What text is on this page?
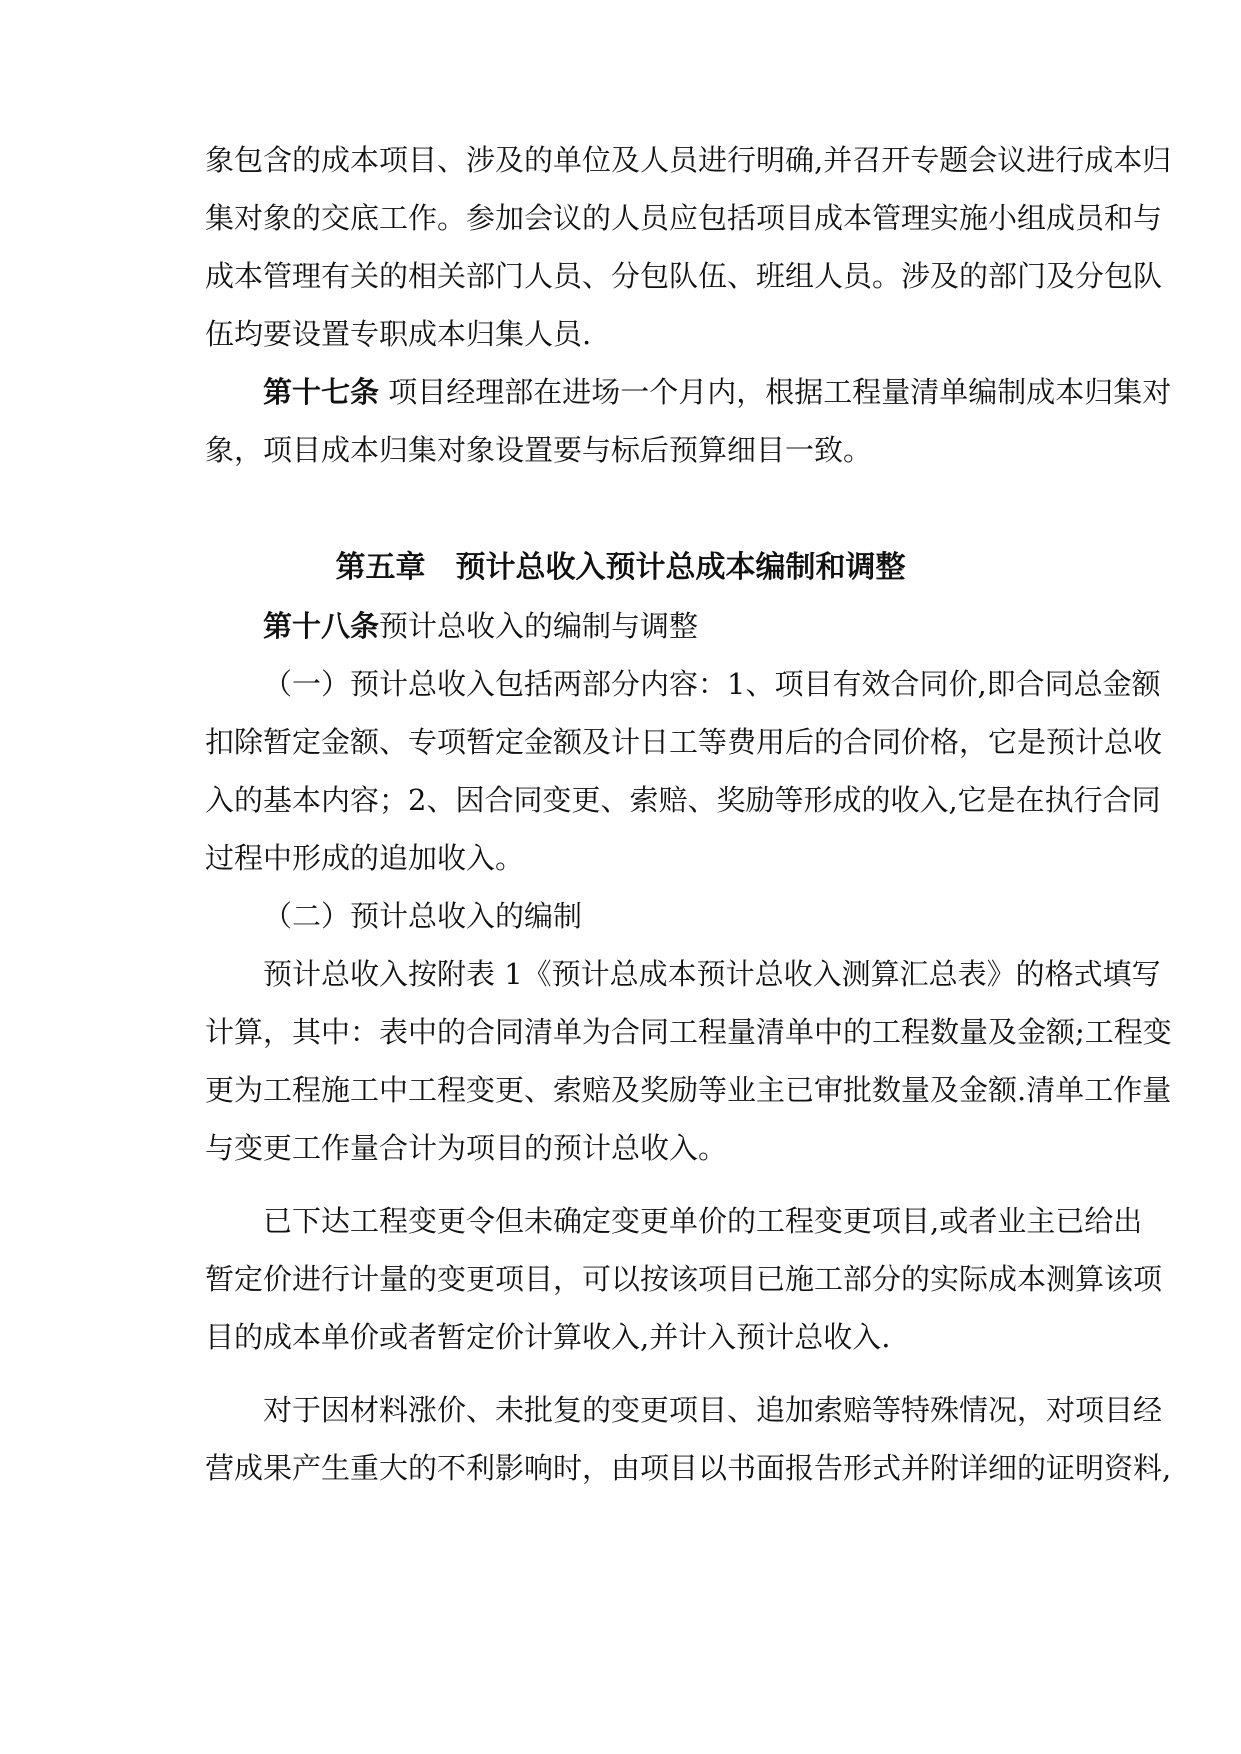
象包含的成本项目、涉及的单位及人员进行明确,并召开专题会议进行成本归
集对象的交底工作。参加会议的人员应包括项目成本管理实施小组成员和与
成本管理有关的相关部门人员、分包队伍、班组人员。涉及的部门及分包队
伍均要设置专职成本归集人员.
第十七条 项目经理部在进场一个月内，根据工程量清单编制成本归集对
象，项目成本归集对象设置要与标后预算细目一致。
第五章　预计总收入预计总成本编制和调整
第十八条预计总收入的编制与调整
（一）预计总收入包括两部分内容：1、项目有效合同价,即合同总金额
扣除暂定金额、专项暂定金额及计日工等费用后的合同价格，它是预计总收
入的基本内容；2、因合同变更、索赔、奖励等形成的收入,它是在执行合同
过程中形成的追加收入。
（二）预计总收入的编制
预计总收入按附表 1《预计总成本预计总收入测算汇总表》的格式填写
计算，其中：表中的合同清单为合同工程量清单中的工程数量及金额;工程变
更为工程施工中工程变更、索赔及奖励等业主已审批数量及金额.清单工作量
与变更工作量合计为项目的预计总收入。
已下达工程变更令但未确定变更单价的工程变更项目,或者业主已给出
暂定价进行计量的变更项目，可以按该项目已施工部分的实际成本测算该项
目的成本单价或者暂定价计算收入,并计入预计总收入.
对于因材料涨价、未批复的变更项目、追加索赔等特殊情况，对项目经
营成果产生重大的不利影响时，由项目以书面报告形式并附详细的证明资料,
